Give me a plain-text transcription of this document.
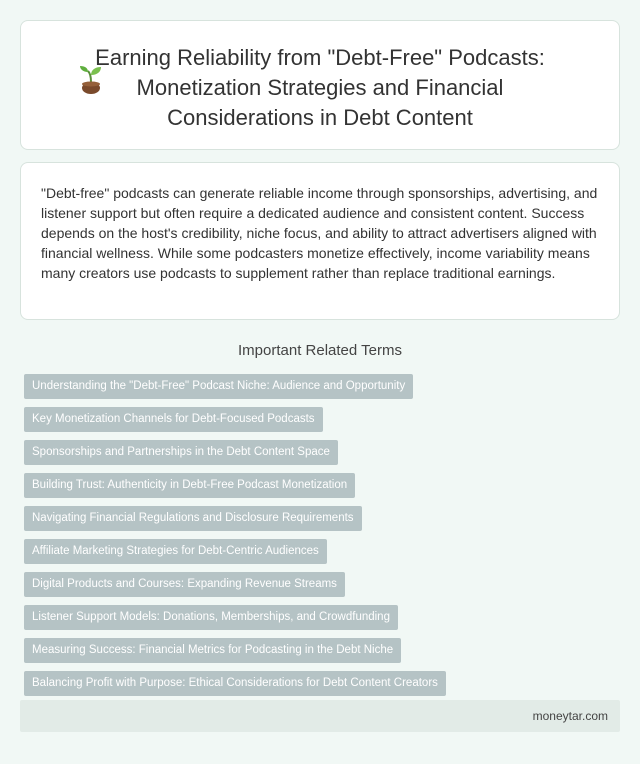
Earning Reliability from "Debt-Free" Podcasts:
Monetization Strategies and Financial
Considerations in Debt Content
"Debt-free" podcasts can generate reliable income through sponsorships, advertising, and listener support but often require a dedicated audience and consistent content. Success depends on the host's credibility, niche focus, and ability to attract advertisers aligned with financial wellness. While some podcasters monetize effectively, income variability means many creators use podcasts to supplement rather than replace traditional earnings.
Important Related Terms
Understanding the "Debt-Free" Podcast Niche: Audience and Opportunity
Key Monetization Channels for Debt-Focused Podcasts
Sponsorships and Partnerships in the Debt Content Space
Building Trust: Authenticity in Debt-Free Podcast Monetization
Navigating Financial Regulations and Disclosure Requirements
Affiliate Marketing Strategies for Debt-Centric Audiences
Digital Products and Courses: Expanding Revenue Streams
Listener Support Models: Donations, Memberships, and Crowdfunding
Measuring Success: Financial Metrics for Podcasting in the Debt Niche
Balancing Profit with Purpose: Ethical Considerations for Debt Content Creators
moneytar.com
